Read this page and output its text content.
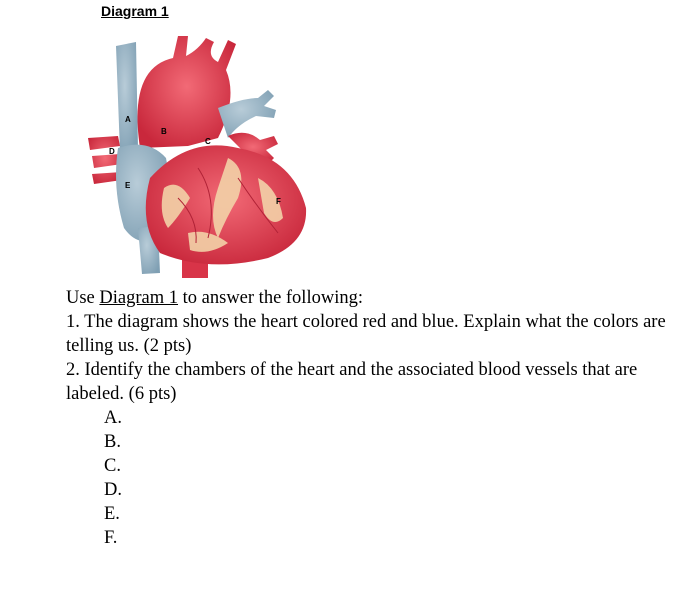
Diagram 1
A
B
C
D
E
F

Use Diagram 1 to answer the following:

1. The diagram shows the heart colored red and blue. Explain what the colors are telling us. (2 pts)

2. Identify the chambers of the heart and the associated blood vessels that are labeled. (6 pts)

A.
B.
C.
D.
E.
F.
